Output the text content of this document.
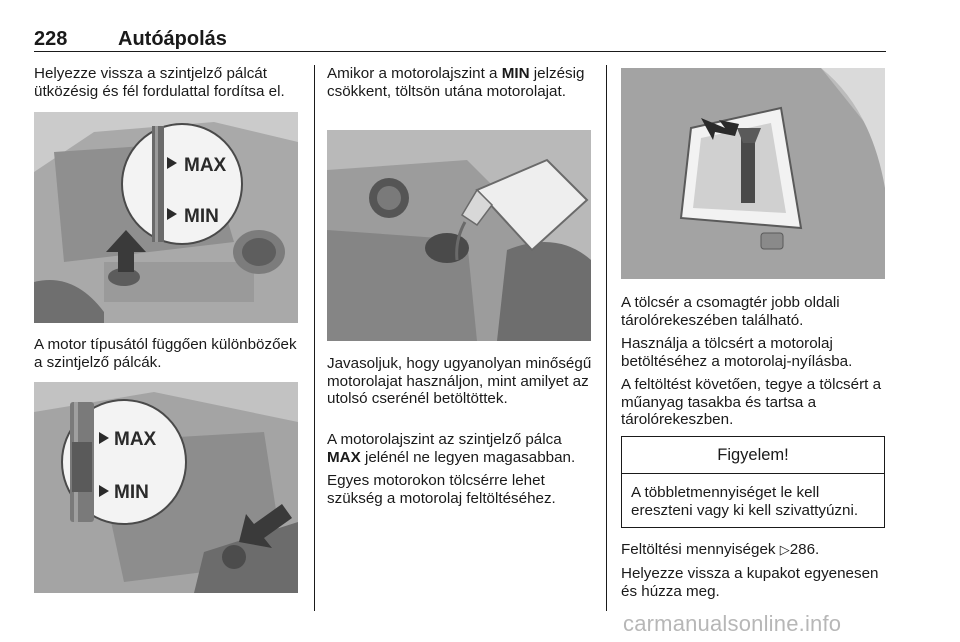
228	Autóápolás

Helyezze vissza a szintjelző pálcát ütközésig és fél fordulattal fordítsa el.

MAX
MIN

A motor típusától függően különbözőek a szintjelző pálcák.

MAX
MIN

Amikor a motorolajszint a MIN jelzésig csökkent, töltsön utána motorolajat.

Javasoljuk, hogy ugyanolyan minőségű motorolajat használjon, mint amilyet az utolsó cserénél betöltöttek.

A motorolajszint az szintjelző pálca MAX jelénél ne legyen magasabban.

Egyes motorokon tölcsérre lehet szükség a motorolaj feltöltéséhez.

A tölcsér a csomagtér jobb oldali tárolórekeszében található.

Használja a tölcsért a motorolaj betöltéséhez a motorolaj-nyílásba.

A feltöltést követően, tegye a tölcsért a műanyag tasakba és tartsa a tárolórekeszben.

Figyelem!
A többletmennyiséget le kell ereszteni vagy ki kell szivattyúzni.

Feltöltési mennyiségek ▷286.

Helyezze vissza a kupakot egyenesen és húzza meg.

carmanualsonline.info
